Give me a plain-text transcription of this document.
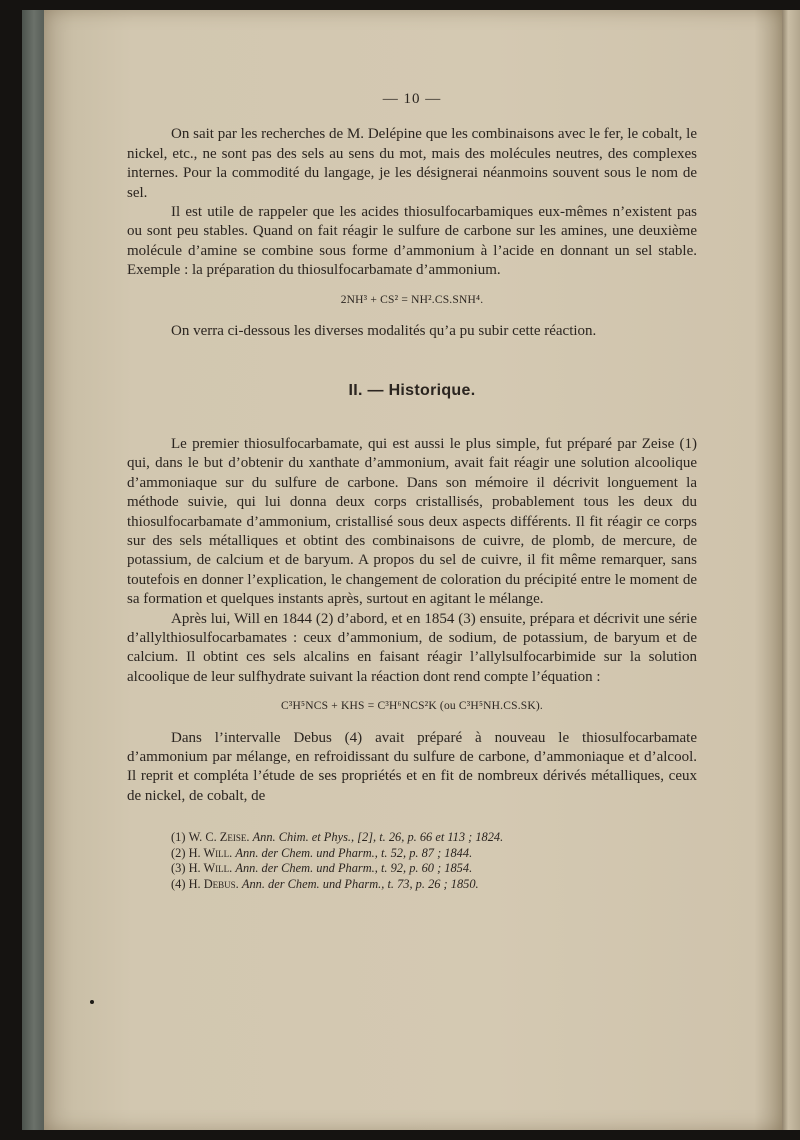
— 10 —

On sait par les recherches de M. Delépine que les combinaisons avec le fer, le cobalt, le nickel, etc., ne sont pas des sels au sens du mot, mais des molécules neutres, des complexes internes. Pour la commodité du langage, je les désignerai néanmoins souvent sous le nom de sel.

Il est utile de rappeler que les acides thiosulfocarbamiques eux-mêmes n’existent pas ou sont peu stables. Quand on fait réagir le sulfure de carbone sur les amines, une deuxième molécule d’amine se combine sous forme d’ammonium à l’acide en donnant un sel stable. Exemple : la préparation du thiosulfocarbamate d’ammonium.

2NH³ + CS² = NH².CS.SNH⁴.

On verra ci-dessous les diverses modalités qu’a pu subir cette réaction.

II. — Historique.

Le premier thiosulfocarbamate, qui est aussi le plus simple, fut préparé par Zeise (1) qui, dans le but d’obtenir du xanthate d’ammonium, avait fait réagir une solution alcoolique d’ammoniaque sur du sulfure de carbone. Dans son mémoire il décrivit longuement la méthode suivie, qui lui donna deux corps cristallisés, probablement tous les deux du thiosulfocarbamate d’ammonium, cristallisé sous deux aspects différents. Il fit réagir ce corps sur des sels métalliques et obtint des combinaisons de cuivre, de plomb, de mercure, de potassium, de calcium et de baryum. A propos du sel de cuivre, il fit même remarquer, sans toutefois en donner l’explication, le changement de coloration du précipité entre le moment de sa formation et quelques instants après, surtout en agitant le mélange.

Après lui, Will en 1844 (2) d’abord, et en 1854 (3) ensuite, prépara et décrivit une série d’allylthiosulfocarbamates : ceux d’ammonium, de sodium, de potassium, de baryum et de calcium. Il obtint ces sels alcalins en faisant réagir l’allylsulfocarbimide sur la solution alcoolique de leur sulfhydrate suivant la réaction dont rend compte l’équation :

C³H⁵NCS + KHS = C³H⁶NCS²K (ou C³H⁵NH.CS.SK).

Dans l’intervalle Debus (4) avait préparé à nouveau le thiosulfocarbamate d’ammonium par mélange, en refroidissant du sulfure de carbone, d’ammoniaque et d’alcool. Il reprit et compléta l’étude de ses propriétés et en fit de nombreux dérivés métalliques, ceux de nickel, de cobalt, de

(1) W. C. Zeise. Ann. Chim. et Phys., [2], t. 26, p. 66 et 113 ; 1824.
(2) H. Will. Ann. der Chem. und Pharm., t. 52, p. 87 ; 1844.
(3) H. Will. Ann. der Chem. und Pharm., t. 92, p. 60 ; 1854.
(4) H. Debus. Ann. der Chem. und Pharm., t. 73, p. 26 ; 1850.
